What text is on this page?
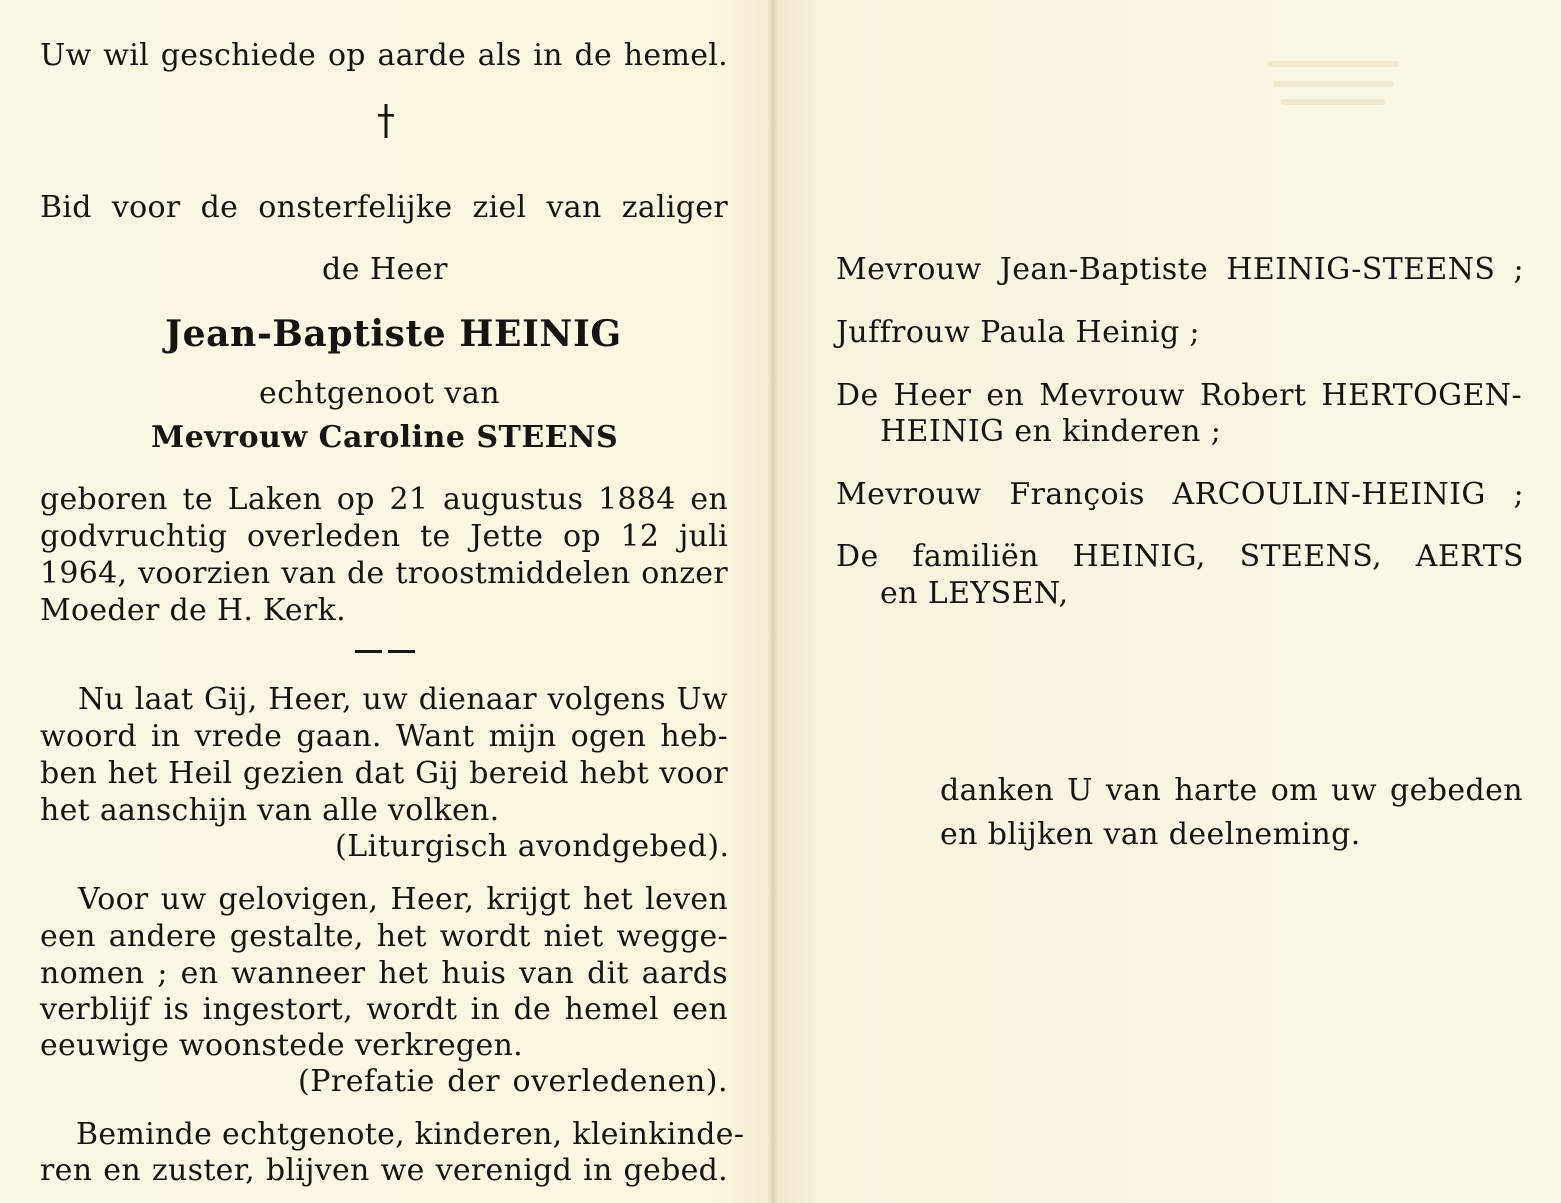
Uw wil geschiede op aarde als in de hemel.
Bid voor de onsterfelijke ziel van zaliger
de Heer
Jean-Baptiste HEINIG
echtgenoot van
Mevrouw Caroline STEENS
geboren te Laken op 21 augustus 1884 en
godvruchtig overleden te Jette op 12 juli
1964, voorzien van de troostmiddelen onzer
Moeder de H. Kerk.
Nu laat Gij, Heer, uw dienaar volgens Uw
woord in vrede gaan. Want mijn ogen heb-
ben het Heil gezien dat Gij bereid hebt voor
het aanschijn van alle volken.
(Liturgisch avondgebed).
Voor uw gelovigen, Heer, krijgt het leven
een andere gestalte, het wordt niet wegge-
nomen ; en wanneer het huis van dit aards
verblijf is ingestort, wordt in de hemel een
eeuwige woonstede verkregen.
(Prefatie der overledenen).
Beminde echtgenote, kinderen, kleinkinde-
ren en zuster, blijven we verenigd in gebed.
Mevrouw Jean-Baptiste HEINIG-STEENS ;
Juffrouw Paula Heinig ;
De Heer en Mevrouw Robert HERTOGEN-
HEINIG en kinderen ;
Mevrouw François ARCOULIN-HEINIG ;
De familiën HEINIG, STEENS, AERTS
en LEYSEN,
danken U van harte om uw gebeden
en blijken van deelneming.
